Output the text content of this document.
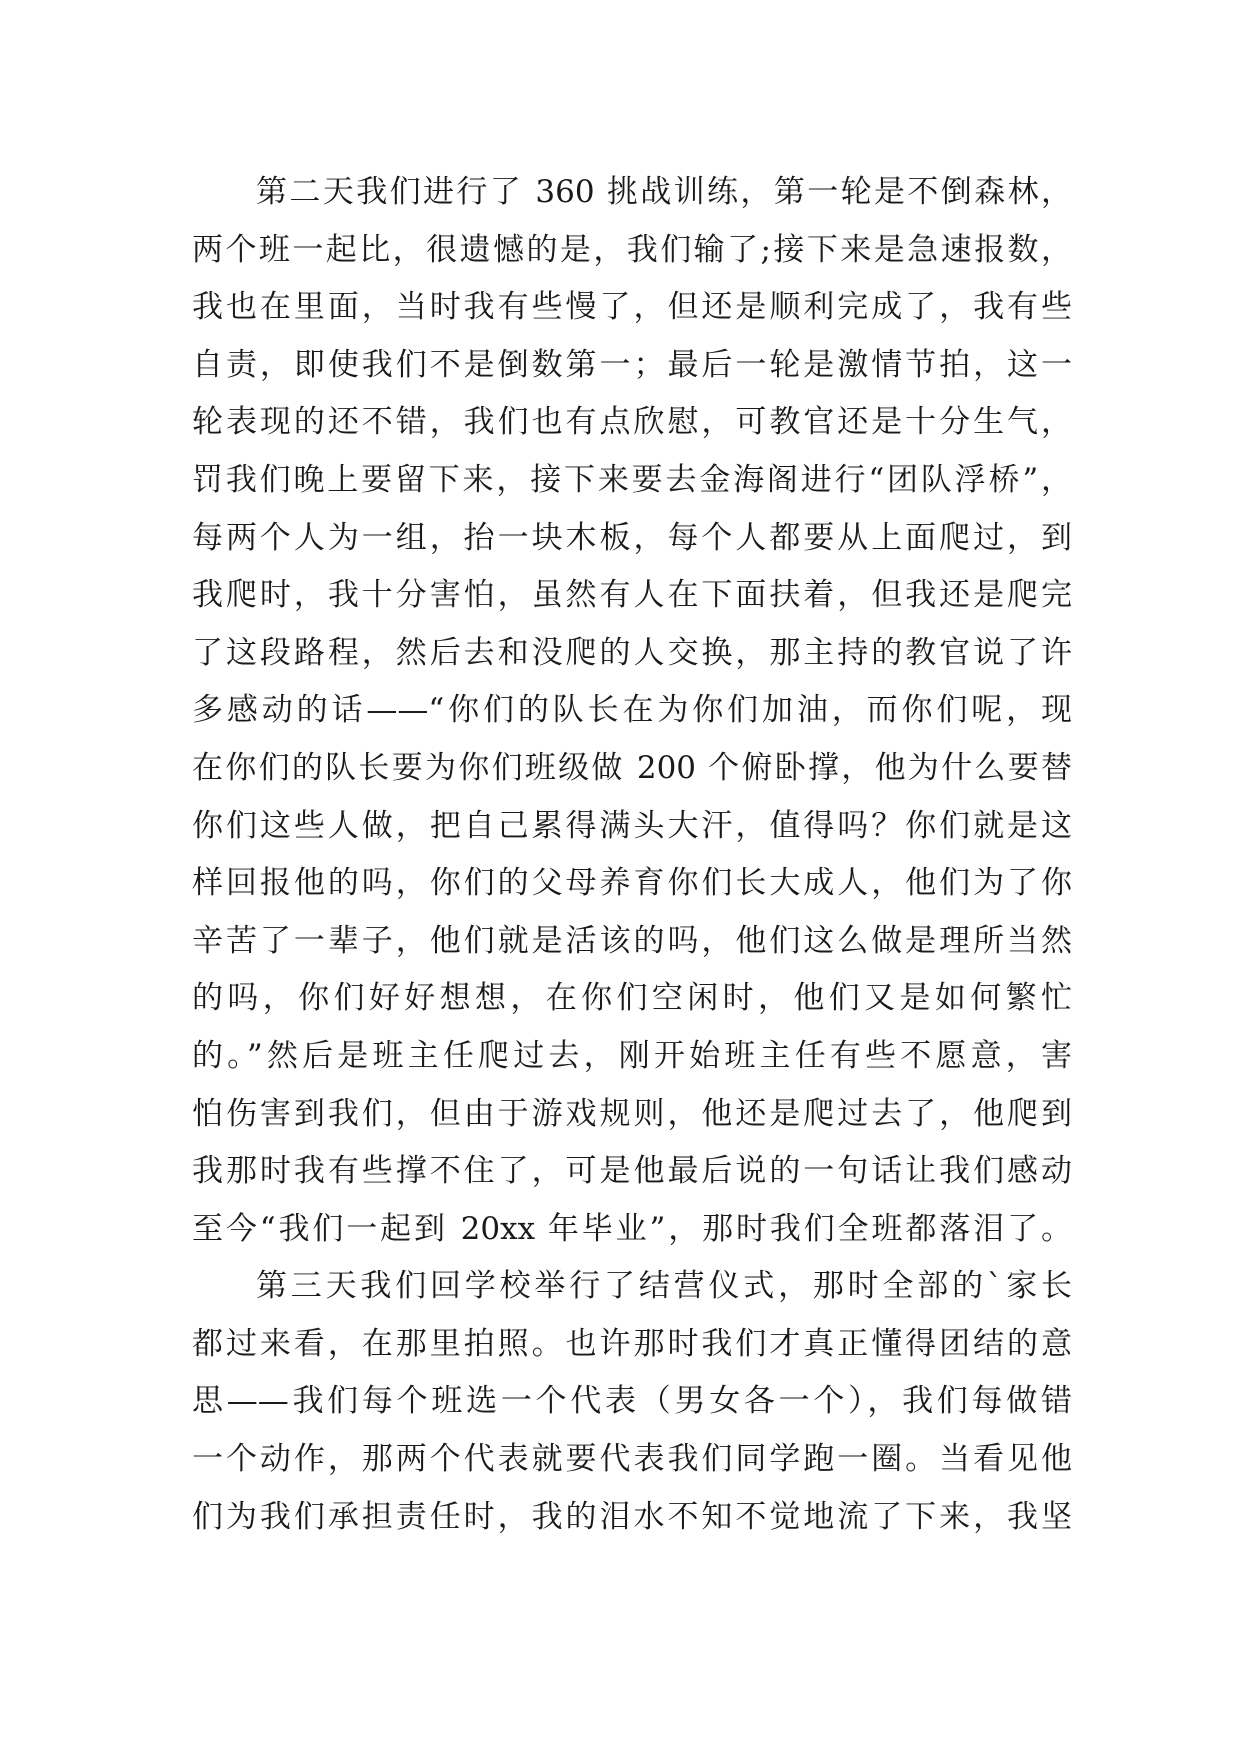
第二天我们进行了 360 挑战训练，第一轮是不倒森林，
两个班一起比，很遗憾的是，我们输了;接下来是急速报数，
我也在里面，当时我有些慢了，但还是顺利完成了，我有些
自责，即使我们不是倒数第一；最后一轮是激情节拍，这一
轮表现的还不错，我们也有点欣慰，可教官还是十分生气，
罚我们晚上要留下来，接下来要去金海阁进行“团队浮桥”，
每两个人为一组，抬一块木板，每个人都要从上面爬过，到
我爬时，我十分害怕，虽然有人在下面扶着，但我还是爬完
了这段路程，然后去和没爬的人交换，那主持的教官说了许
多感动的话——“你们的队长在为你们加油，而你们呢，现
在你们的队长要为你们班级做 200 个俯卧撑，他为什么要替
你们这些人做，把自己累得满头大汗，值得吗？你们就是这
样回报他的吗，你们的父母养育你们长大成人，他们为了你
辛苦了一辈子，他们就是活该的吗，他们这么做是理所当然
的吗，你们好好想想，在你们空闲时，他们又是如何繁忙
的。”然后是班主任爬过去，刚开始班主任有些不愿意，害
怕伤害到我们，但由于游戏规则，他还是爬过去了，他爬到
我那时我有些撑不住了，可是他最后说的一句话让我们感动
至今“我们一起到 20xx 年毕业”，那时我们全班都落泪了。
第三天我们回学校举行了结营仪式，那时全部的`家长
都过来看，在那里拍照。也许那时我们才真正懂得团结的意
思——我们每个班选一个代表（男女各一个），我们每做错
一个动作，那两个代表就要代表我们同学跑一圈。当看见他
们为我们承担责任时，我的泪水不知不觉地流了下来，我坚
